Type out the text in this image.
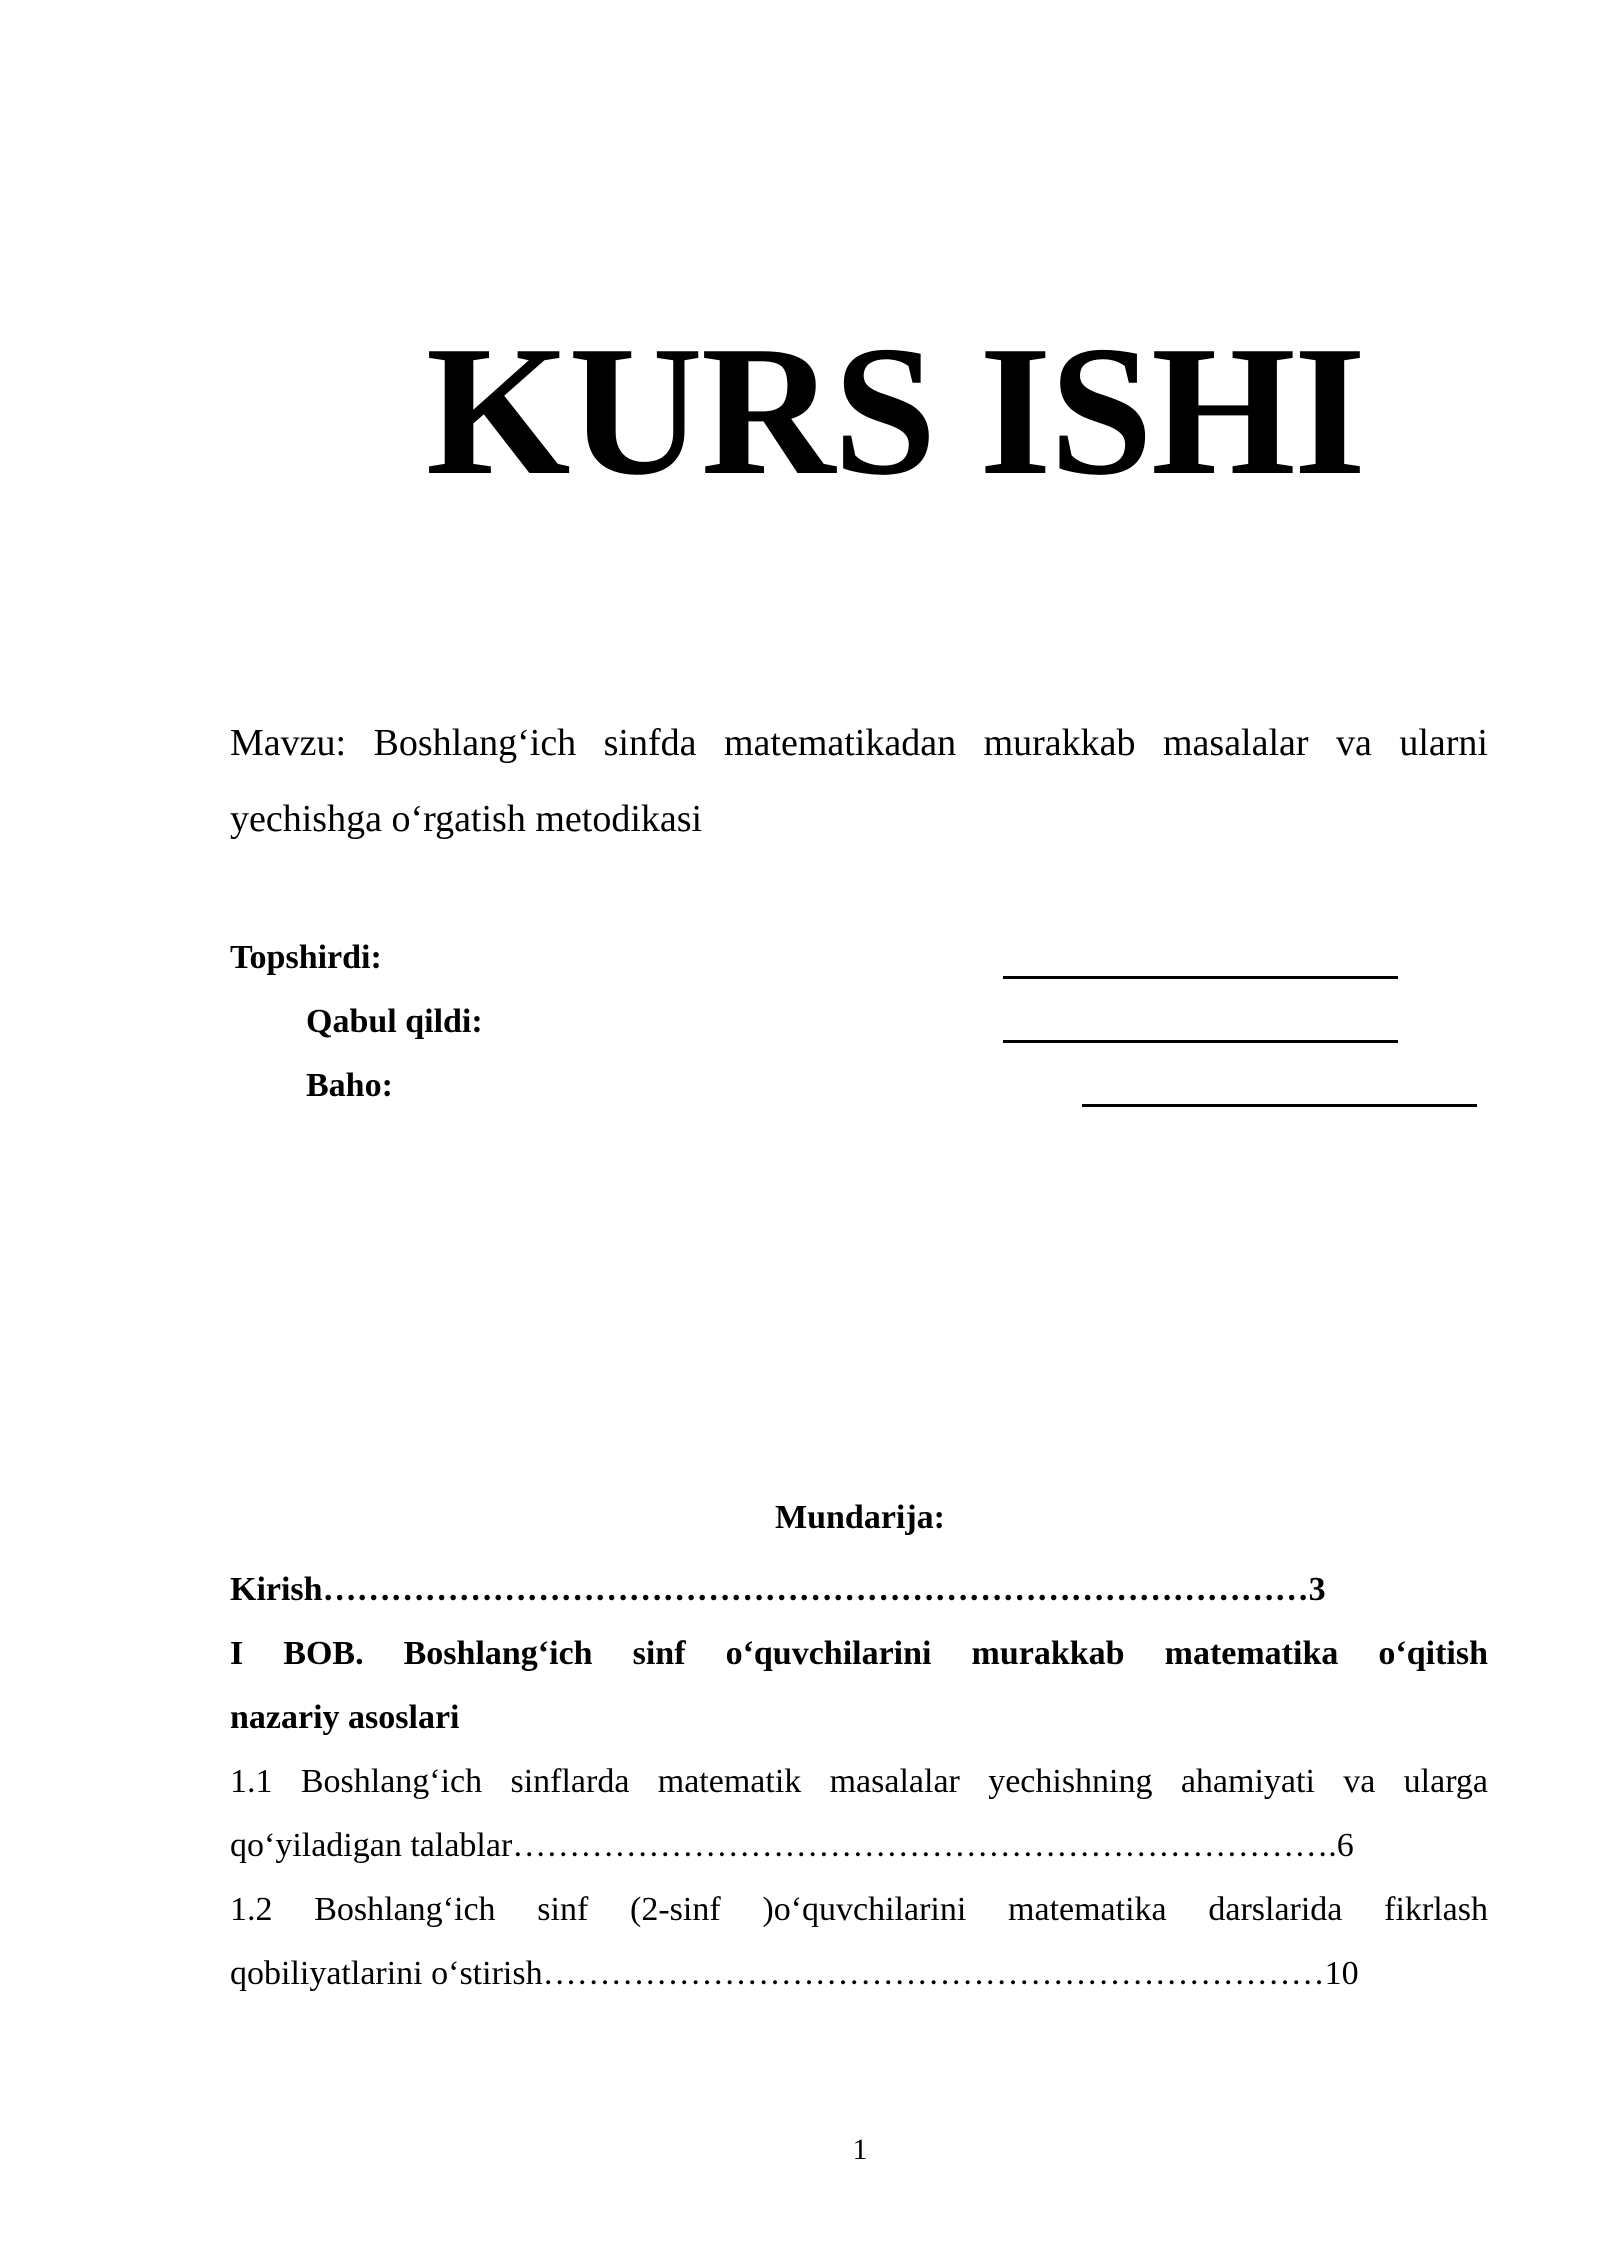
KURS ISHI
Mavzu: Boshlang‘ich sinfda matematikadan murakkab masalalar va ularni yechishga o‘rgatish metodikasi
Topshirdi:
Qabul qildi:
Baho:
Mundarija:
Kirish……………………………………………………………………………3
I BOB. Boshlang‘ich sinf o‘quvchilarini murakkab matematika o‘qitish
nazariy asoslari
1.1 Boshlang‘ich sinflarda matematik masalalar yechishning ahamiyati va ularga
qo‘yiladigan talablar……………………………………………………………….6
1.2 Boshlang‘ich sinf (2-sinf )o‘quvchilarini matematika darslarida fikrlash
qobiliyatlarini o‘stirish……………………………………………………………10
1
